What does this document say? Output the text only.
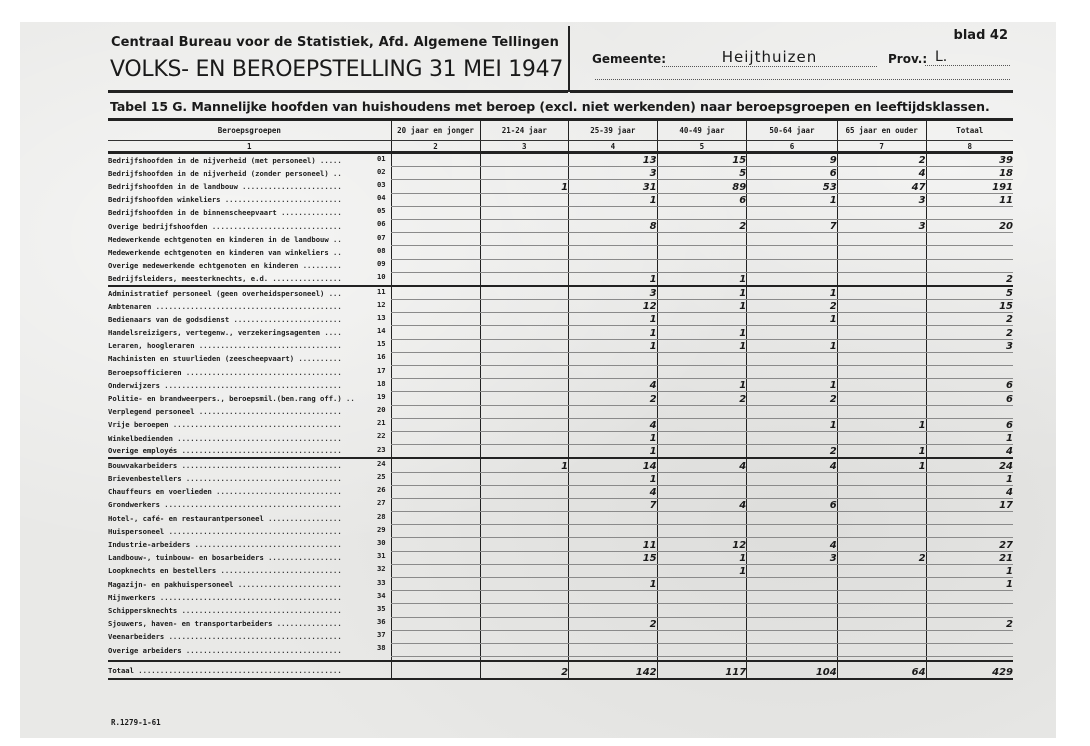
Centraal Bureau voor de Statistiek, Afd. Algemene Tellingen
VOLKS- EN BEROEPSTELLING 31 MEI 1947
blad 42
Gemeente:	Heijthuizen	Prov.: L.
Tabel 15 G. Mannelijke hoofden van huishoudens met beroep (excl. niet werkenden) naar beroepsgroepen en leeftijdsklassen.
Beroepsgroepen	20 jaar en jonger	21-24 jaar	25-39 jaar	40-49 jaar	50-64 jaar	65 jaar en ouder	Totaal
1	2	3	4	5	6	7	8
Bedrijfshoofden in de nijverheid (met personeel) ..... 01			13	15	9	2	39
Bedrijfshoofden in de nijverheid (zonder personeel) .. 02			3	5	6	4	18
Bedrijfshoofden in de landbouw ....................... 03		1	31	89	53	47	191
Bedrijfshoofden winkeliers ........................... 04			1	6	1	3	11
Bedrijfshoofden in de binnenscheepvaart .............. 05							

Overige bedrijfshoofden .............................. 06			8	2	7	3	20
Medewerkende echtgenoten en kinderen in de landbouw .. 07							

Medewerkende echtgenoten en kinderen van winkeliers .. 08							

Overige medewerkende echtgenoten en kinderen ......... 09							

Bedrijfsleiders, meesterknechts, e.d. ................ 10			1	1			2
Administratief personeel (geen overheidspersoneel) ... 11			3	1	1		5
Ambtenaren ........................................... 12			12	1	2		15
Bedienaars van de godsdienst ......................... 13			1		1		2
Handelsreizigers, vertegenw., verzekeringsagenten .... 14			1	1			2
Leraren, hoogleraren ................................. 15			1	1	1		3
Machinisten en stuurlieden (zeescheepvaart) .......... 16							

Beroepsofficieren .................................... 17							

Onderwijzers ......................................... 18			4	1	1		6
Politie- en brandweerpers., beroepsmil.(ben.rang off.) .. 19			2	2	2		6
Verplegend personeel ................................. 20							

Vrije beroepen ....................................... 21			4		1	1	6
Winkelbedienden ...................................... 22			1				1
Overige employés ..................................... 23			1		2	1	4
Bouwvakarbeiders ..................................... 24		1	14	4	4	1	24
Brievenbestellers .................................... 25			1				1
Chauffeurs en voerlieden ............................. 26			4				4
Grondwerkers ......................................... 27			7	4	6		17
Hotel-, café- en restaurantpersoneel ................. 28							

Huispersoneel ........................................ 29							

Industrie-arbeiders .................................. 30			11	12	4		27
Landbouw-, tuinbouw- en bosarbeiders ................. 31			15	1	3	2	21
Loopknechts en bestellers ............................ 32				1			1
Magazijn- en pakhuispersoneel ........................ 33			1				1
Mijnwerkers .......................................... 34							

Schippersknechts ..................................... 35							

Sjouwers, haven- en transportarbeiders ............... 36			2				2
Veenarbeiders ........................................ 37							

Overige arbeiders .................................... 38							

Totaal ...............................................		2	142	117	104	64	429
R.1279-1-61
